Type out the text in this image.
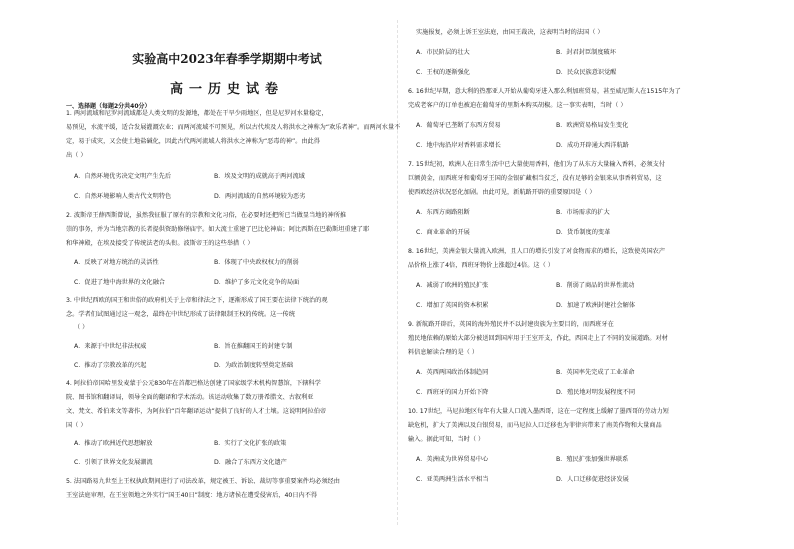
实验高中2023年春季学期期中考试
高一历史试卷
一、选择题（每题2分共40分）
1. 两河流域和尼罗河流域都是人类文明的发源地，都处在干旱少雨地区，但是尼罗河水量稳定，
易预见，水流平缓，适合发展灌溉农业；而两河流域不可预见，所以古代埃及人将洪水之神称为“欢乐者神”。而两河水量不
定，易于成灾，又会使土地盐碱化，因此古代两河流域人将洪水之神称为“恶毒的神”。由此得
出（ ）
A．自然环境优劣决定文明产生先后	B．埃及文明的成就高于两河流域
C．自然环境影响人类古代文明特色	D．两河流域的自然环境较为恶劣
2. 波斯帝王薛西斯曾说，虽然我征服了原有的宗教和文化习俗，在必要时还把所已当做显当地的神所推
崇的事务，并为当地宗教的长者提供资助修缮庙宇。如大流士重建了巴比伦神庙；阿比西斯在巴勒斯坦重建了耶
和华神殿，在埃及接受了传统法老的头衔。波斯帝王的这些举措（ ）
A．反映了对地方统治的灵活性	B．体现了中央政权权力的削弱
C．促进了地中海世界的文化融合	D．维护了多元文化竞争的局面
3. 中世纪西欧的国王和世俗的政府机关于上帝和律法之下，逐渐形成了国王要在法律下统治的观
念。学者们试图通过这一观念，最终在中世纪形成了法律限制王权的传统。这一传统
（ ）
A．来源于中世纪非法权威	B．旨在推翻国王的封建专制
C．推动了宗教改革的兴起	D．为政治制度转型奠定基础
4. 阿拉伯帝国哈里发麦蒙于公元830年在首都巴格达创建了国家级学术机构智慧馆，下辖科学
院、图书馆和翻译局，领导全面的翻译和学术活动。该运动收集了数万册希腊文、古叙利亚
文、梵文、希伯来文等著作，为阿拉伯“百年翻译运动”提供了良好的人才土壤。这说明阿拉伯帝
国（ ）
A．推动了欧洲近代思想解放	B．实行了文化扩张的政策
C．引领了世界文化发展潮流	D．融合了东西方文化遗产
5. 法国路易九世至上王权执政期间进行了司法改革，规定被王、诉讼、裁切等事重要案件均必须经由
王室法庭审理，在王室领地之外实行“国王40日”制度：地方诸侯在遭受侵害后，40日内不得
实施报复，必须上诉王室法庭，由国王裁决，这表明当时的法国（ ）
A．市民阶层的壮大	B．封君封臣制度破坏
C．王权的逐渐强化	D．民众民族意识觉醒
6. 16世纪早期，意大利的热那亚人开始从葡萄牙进入那么利加班贸易，甚至威尼斯人在1515年为了
完成老客户的订单也被迫在葡萄牙的里斯本购买胡椒。这一事实表明，当时（ ）
A．葡萄牙已垄断了东西方贸易	B．欧洲贸易格局发生变化
C．地中海沿岸对香料需求增长	D．成功开辟通大西洋航路
7. 15世纪初，欧洲人在日常生活中已大量使用香料，他们为了从东方大量输入香料，必须支付
巨额黄金，而西班牙和葡萄牙王国的金银矿藏相当贫乏，没有足够的金银来从事香料贸易，这
使西欧经济状况恶化加剧。由此可见，新航路开辟的重要原因是（ ）
A．东西方商路阻断	B．市场需求的扩大
C．商业革命的开展	D．货币制度的变革
8. 16世纪，美洲金银大量流入欧洲，且人口的增长引发了对食物需求的增长，这致使英国农产
品价格上涨了4倍，西班牙物价上涨超过4倍。这（ ）
A．减弱了欧洲的殖民扩张	B．削弱了商品的世界性流动
C．增加了英国的资本积累	D．加速了欧洲封建社会解体
9. 新航路开辟后，英国的海外殖民并不以封建贵族为主要目的，而西班牙在
殖民地依赖的原始大部分被送回到国库用于王室开支，作此，西国走上了不同的发展道路。对材
料信息解读合理的是（ ）
A．英西两国政治体制趋同	B．英国率先完成了工业革命
C．西班牙的国力开始下降	D．殖民地对明发展程度不同
10. 17世纪，马尼拉地区每年有大量人口流入墨西哥，这在一定程度上缓解了墨西哥的劳动力短
缺危机，扩大了美洲以及白银贸易，而马尼拉人口迁移也为菲律宾带来了南美作物和大量商品
输入。据此可知，当时（ ）
A．美洲成为世界贸易中心	B．殖民扩张加强世界联系
C．亚美两洲生活水平相当	D．人口迁移促进经济发展
